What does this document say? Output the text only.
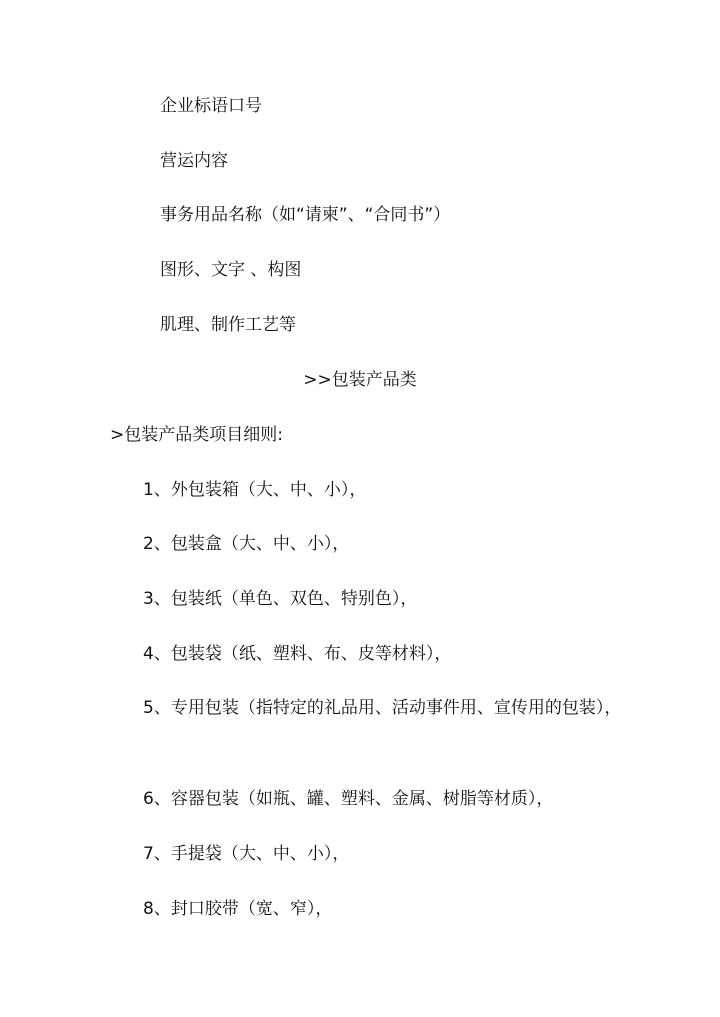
企业标语口号
营运内容
事务用品名称（如“请柬”、“合同书”）
图形、文字 、构图
肌理、制作工艺等
>>包装产品类
>包装产品类项目细则:
1、外包装箱（大、中、小），
2、包装盒（大、中、小），
3、包装纸（单色、双色、特别色），
4、包装袋（纸、塑料、布、皮等材料），
5、专用包装（指特定的礼品用、活动事件用、宣传用的包装），
6、容器包装（如瓶、罐、塑料、金属、树脂等材质），
7、手提袋（大、中、小），
8、封口胶带（宽、窄），
